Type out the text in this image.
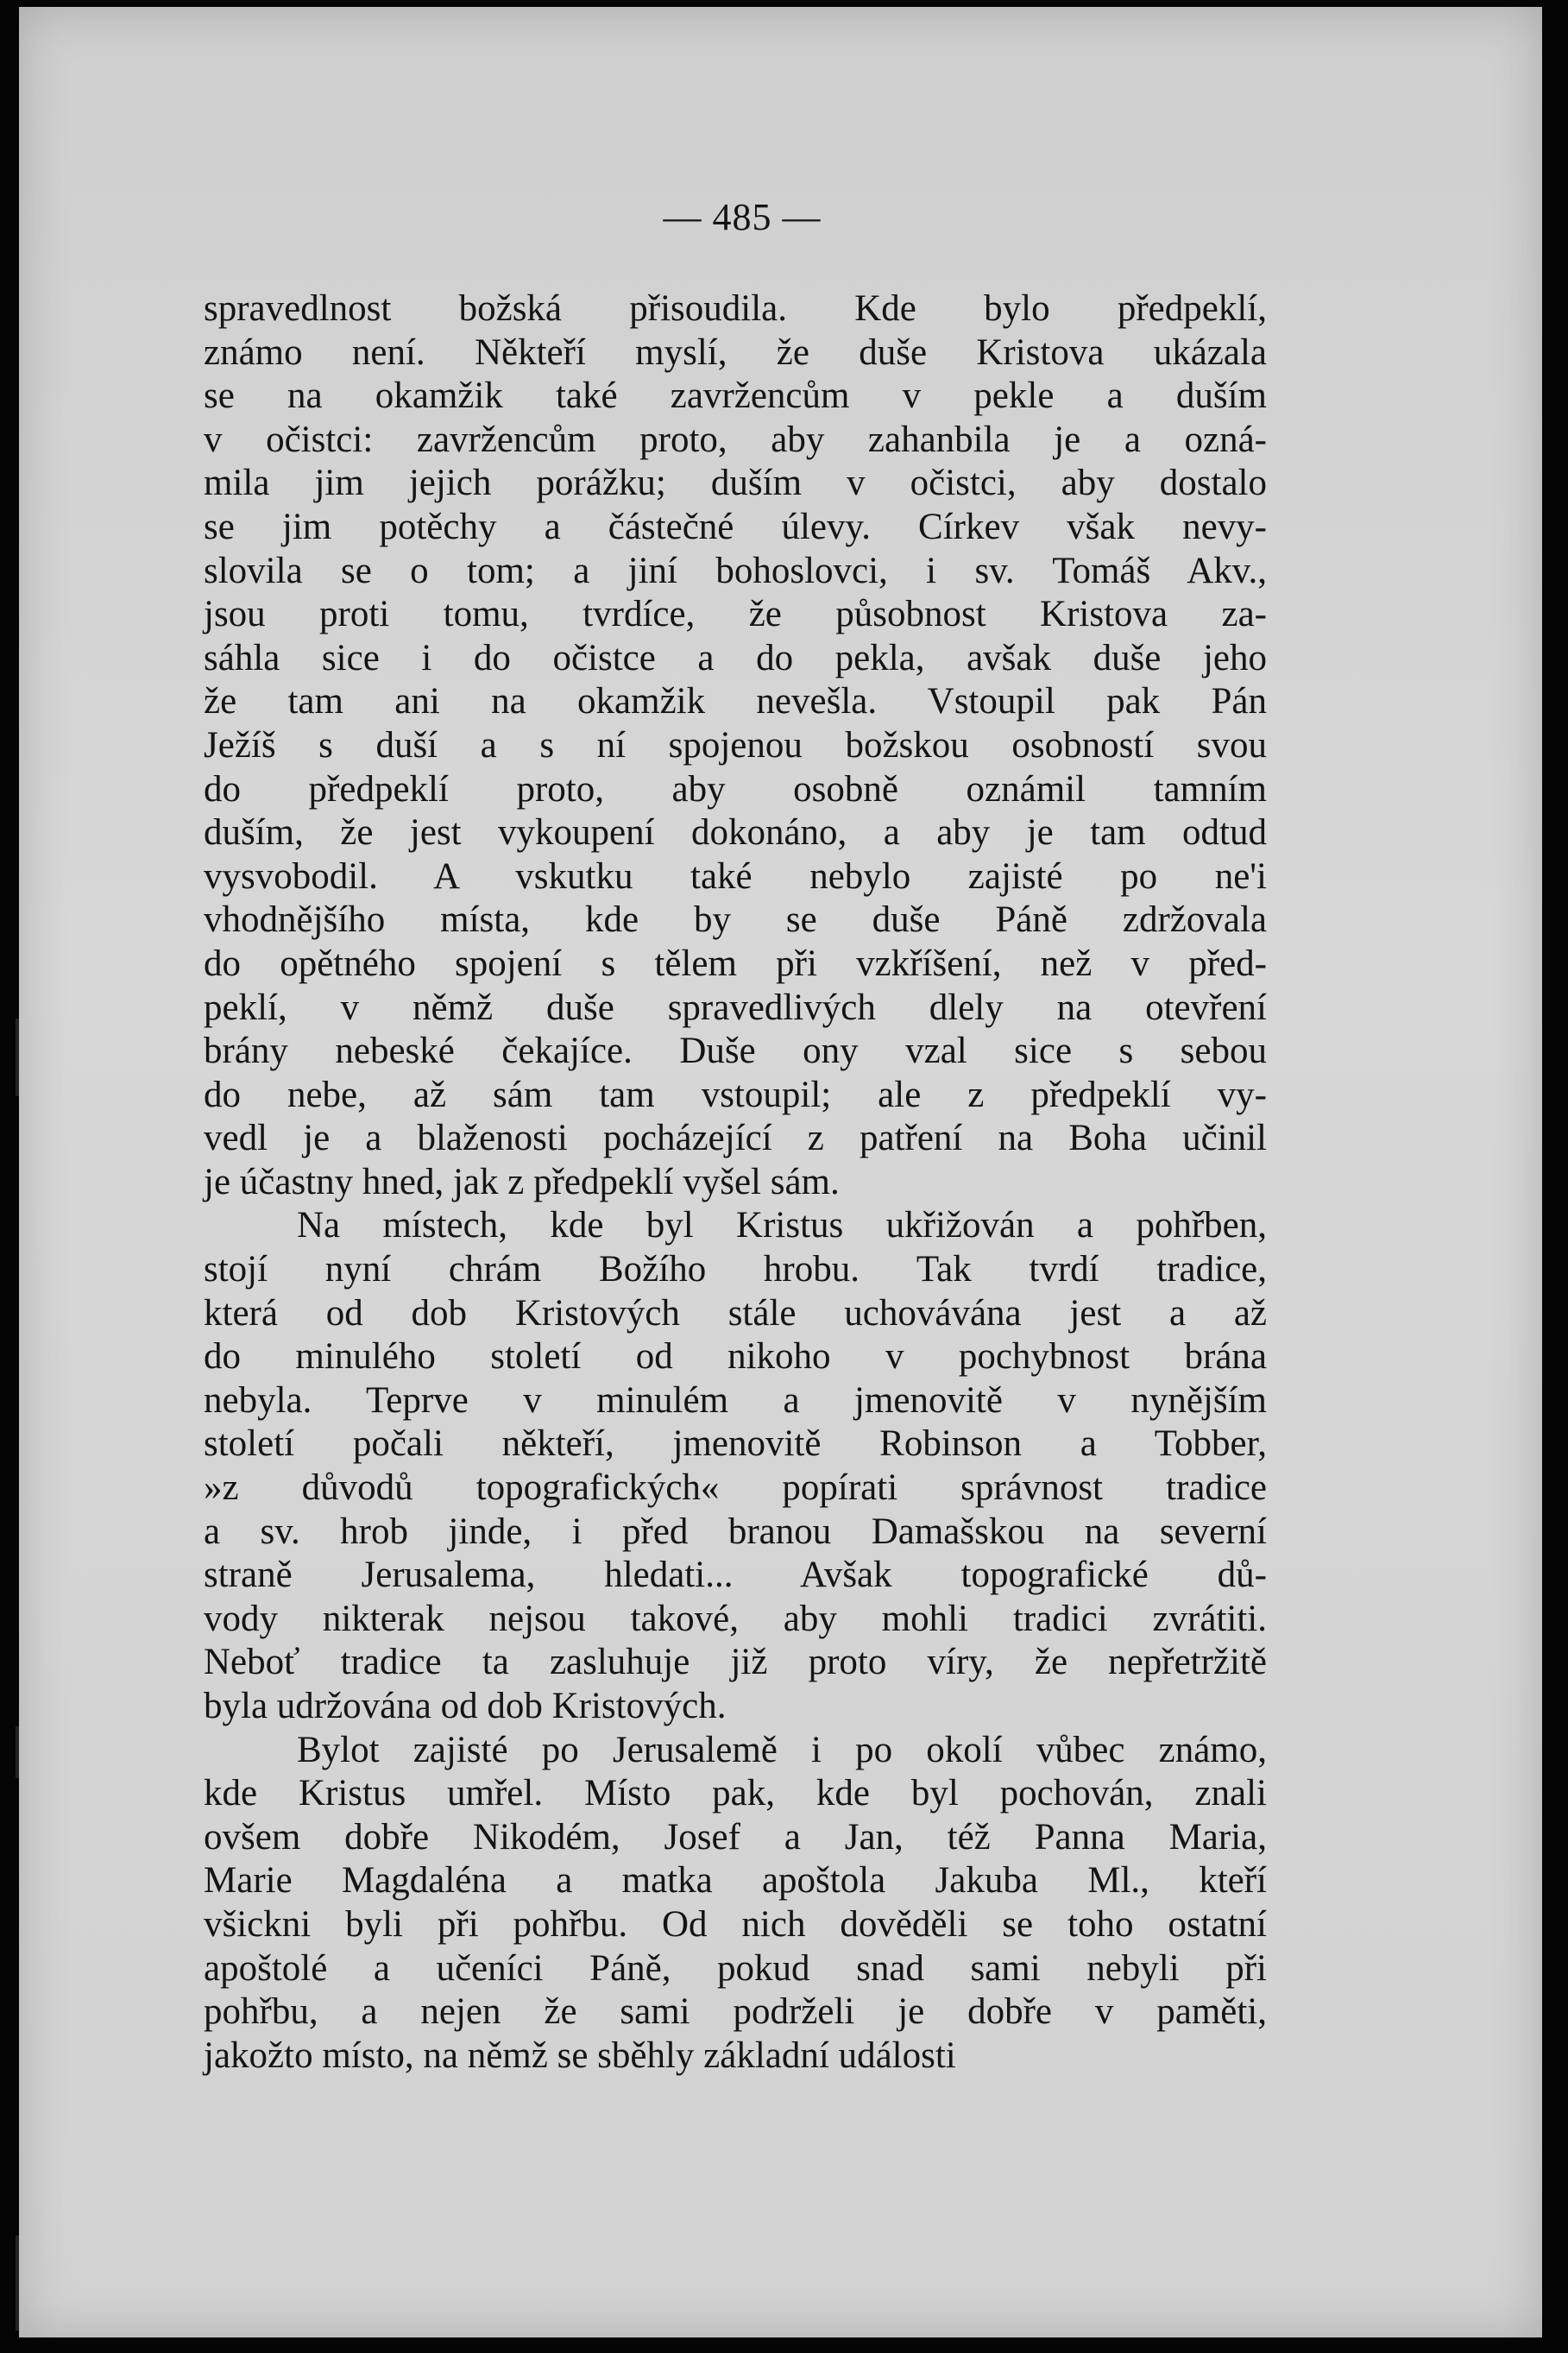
— 485 —
spravedlnost božská přisoudila. Kde bylo předpeklí,
známo není. Někteří myslí, že duše Kristova ukázala
se na okamžik také zavržencům v pekle a duším
v očistci: zavržencům proto, aby zahanbila je a ozná-
mila jim jejich porážku; duším v očistci, aby dostalo
se jim potěchy a částečné úlevy. Církev však nevy-
slovila se o tom; a jiní bohoslovci, i sv. Tomáš Akv.,
jsou proti tomu, tvrdíce, že působnost Kristova za-
sáhla sice i do očistce a do pekla, avšak duše jeho
že tam ani na okamžik nevešla. Vstoupil pak Pán
Ježíš s duší a s ní spojenou božskou osobností svou
do předpeklí proto, aby osobně oznámil tamním
duším, že jest vykoupení dokonáno, a aby je tam odtud
vysvobodil. A vskutku také nebylo zajisté po ne'i
vhodnějšího místa, kde by se duše Páně zdržovala
do opětného spojení s tělem při vzkříšení, než v před-
peklí, v němž duše spravedlivých dlely na otevření
brány nebeské čekajíce. Duše ony vzal sice s sebou
do nebe, až sám tam vstoupil; ale z předpeklí vy-
vedl je a blaženosti pocházející z patření na Boha učinil
je účastny hned, jak z předpeklí vyšel sám.
Na místech, kde byl Kristus ukřižován a pohřben,
stojí nyní chrám Božího hrobu. Tak tvrdí tradice,
která od dob Kristových stále uchovávána jest a až
do minulého století od nikoho v pochybnost brána
nebyla. Teprve v minulém a jmenovitě v nynějším
století počali někteří, jmenovitě Robinson a Tobber,
»z důvodů topografických« popírati správnost tradice
a sv. hrob jinde, i před branou Damašskou na severní
straně Jerusalema, hledati... Avšak topografické dů-
vody nikterak nejsou takové, aby mohli tradici zvrátiti.
Neboť tradice ta zasluhuje již proto víry, že nepřetržitě
byla udržována od dob Kristových.
Bylot zajisté po Jerusalemě i po okolí vůbec známo,
kde Kristus umřel. Místo pak, kde byl pochován, znali
ovšem dobře Nikodém, Josef a Jan, též Panna Maria,
Marie Magdaléna a matka apoštola Jakuba Ml., kteří
všickni byli při pohřbu. Od nich dověděli se toho ostatní
apoštolé a učeníci Páně, pokud snad sami nebyli při
pohřbu, a nejen že sami podrželi je dobře v paměti,
jakožto místo, na němž se sběhly základní události
